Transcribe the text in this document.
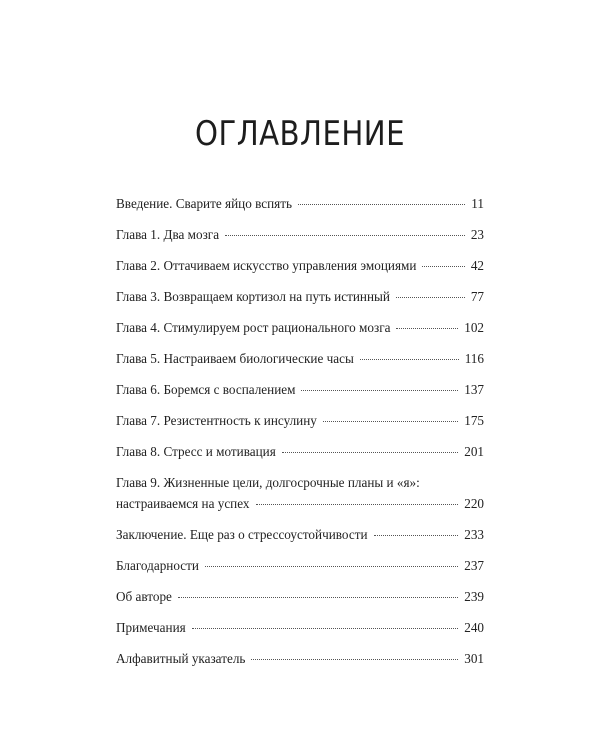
ОГЛАВЛЕНИЕ
Введение. Сварите яйцо вспять	11
Глава 1. Два мозга	23
Глава 2. Оттачиваем искусство управления эмоциями	42
Глава 3. Возвращаем кортизол на путь истинный	77
Глава 4. Стимулируем рост рационального мозга	102
Глава 5. Настраиваем биологические часы	116
Глава 6. Боремся с воспалением	137
Глава 7. Резистентность к инсулину	175
Глава 8. Стресс и мотивация	201
Глава 9. Жизненные цели, долгосрочные планы и «я»:
настраиваемся на успех	220
Заключение. Еще раз о стрессоустойчивости	233
Благодарности	237
Об авторе	239
Примечания	240
Алфавитный указатель	301
